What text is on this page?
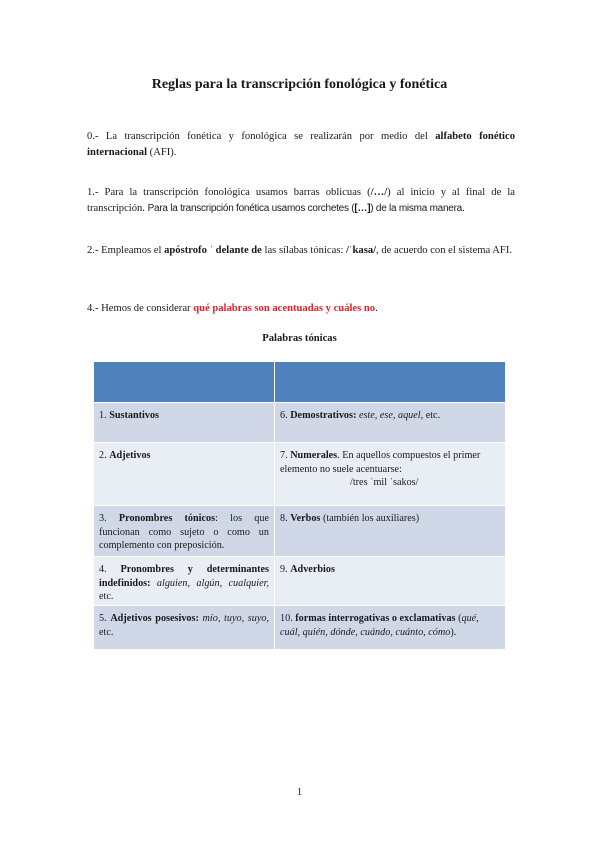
Reglas para la transcripción fonológica y fonética
0.- La transcripción fonética y fonológica se realizarán por medio del alfabeto fonético internacional (AFI).
1.- Para la transcripción fonológica usamos barras oblicuas (/…/) al inicio y al final de la transcripción. Para la transcripción fonética usamos corchetes ([…]) de la misma manera.
2.- Empleamos el apóstrofo ˈ delante de las sílabas tónicas: /ˈkasa/, de acuerdo con el sistema AFI.
4.- Hemos de considerar qué palabras son acentuadas y cuáles no.
Palabras tónicas

1. Sustantivos	6. Demostrativos: este, ese, aquel, etc.
2. Adjetivos	7. Numerales. En aquellos compuestos el primer elemento no suele acentuarse:
/tres ˈmil ˈsakos/

3. Pronombres tónicos: los que funcionan como sujeto o como un complemento con preposición.	8. Verbos (también los auxiliares)
4. Pronombres y determinantes indefinidos: alguien, algún, cualquier, etc.	9. Adverbios
5. Adjetivos posesivos: mío, tuyo, suyo, etc.	10. formas interrogativas o exclamativas (qué, cuál, quién, dónde, cuándo, cuánto, cómo).
1
